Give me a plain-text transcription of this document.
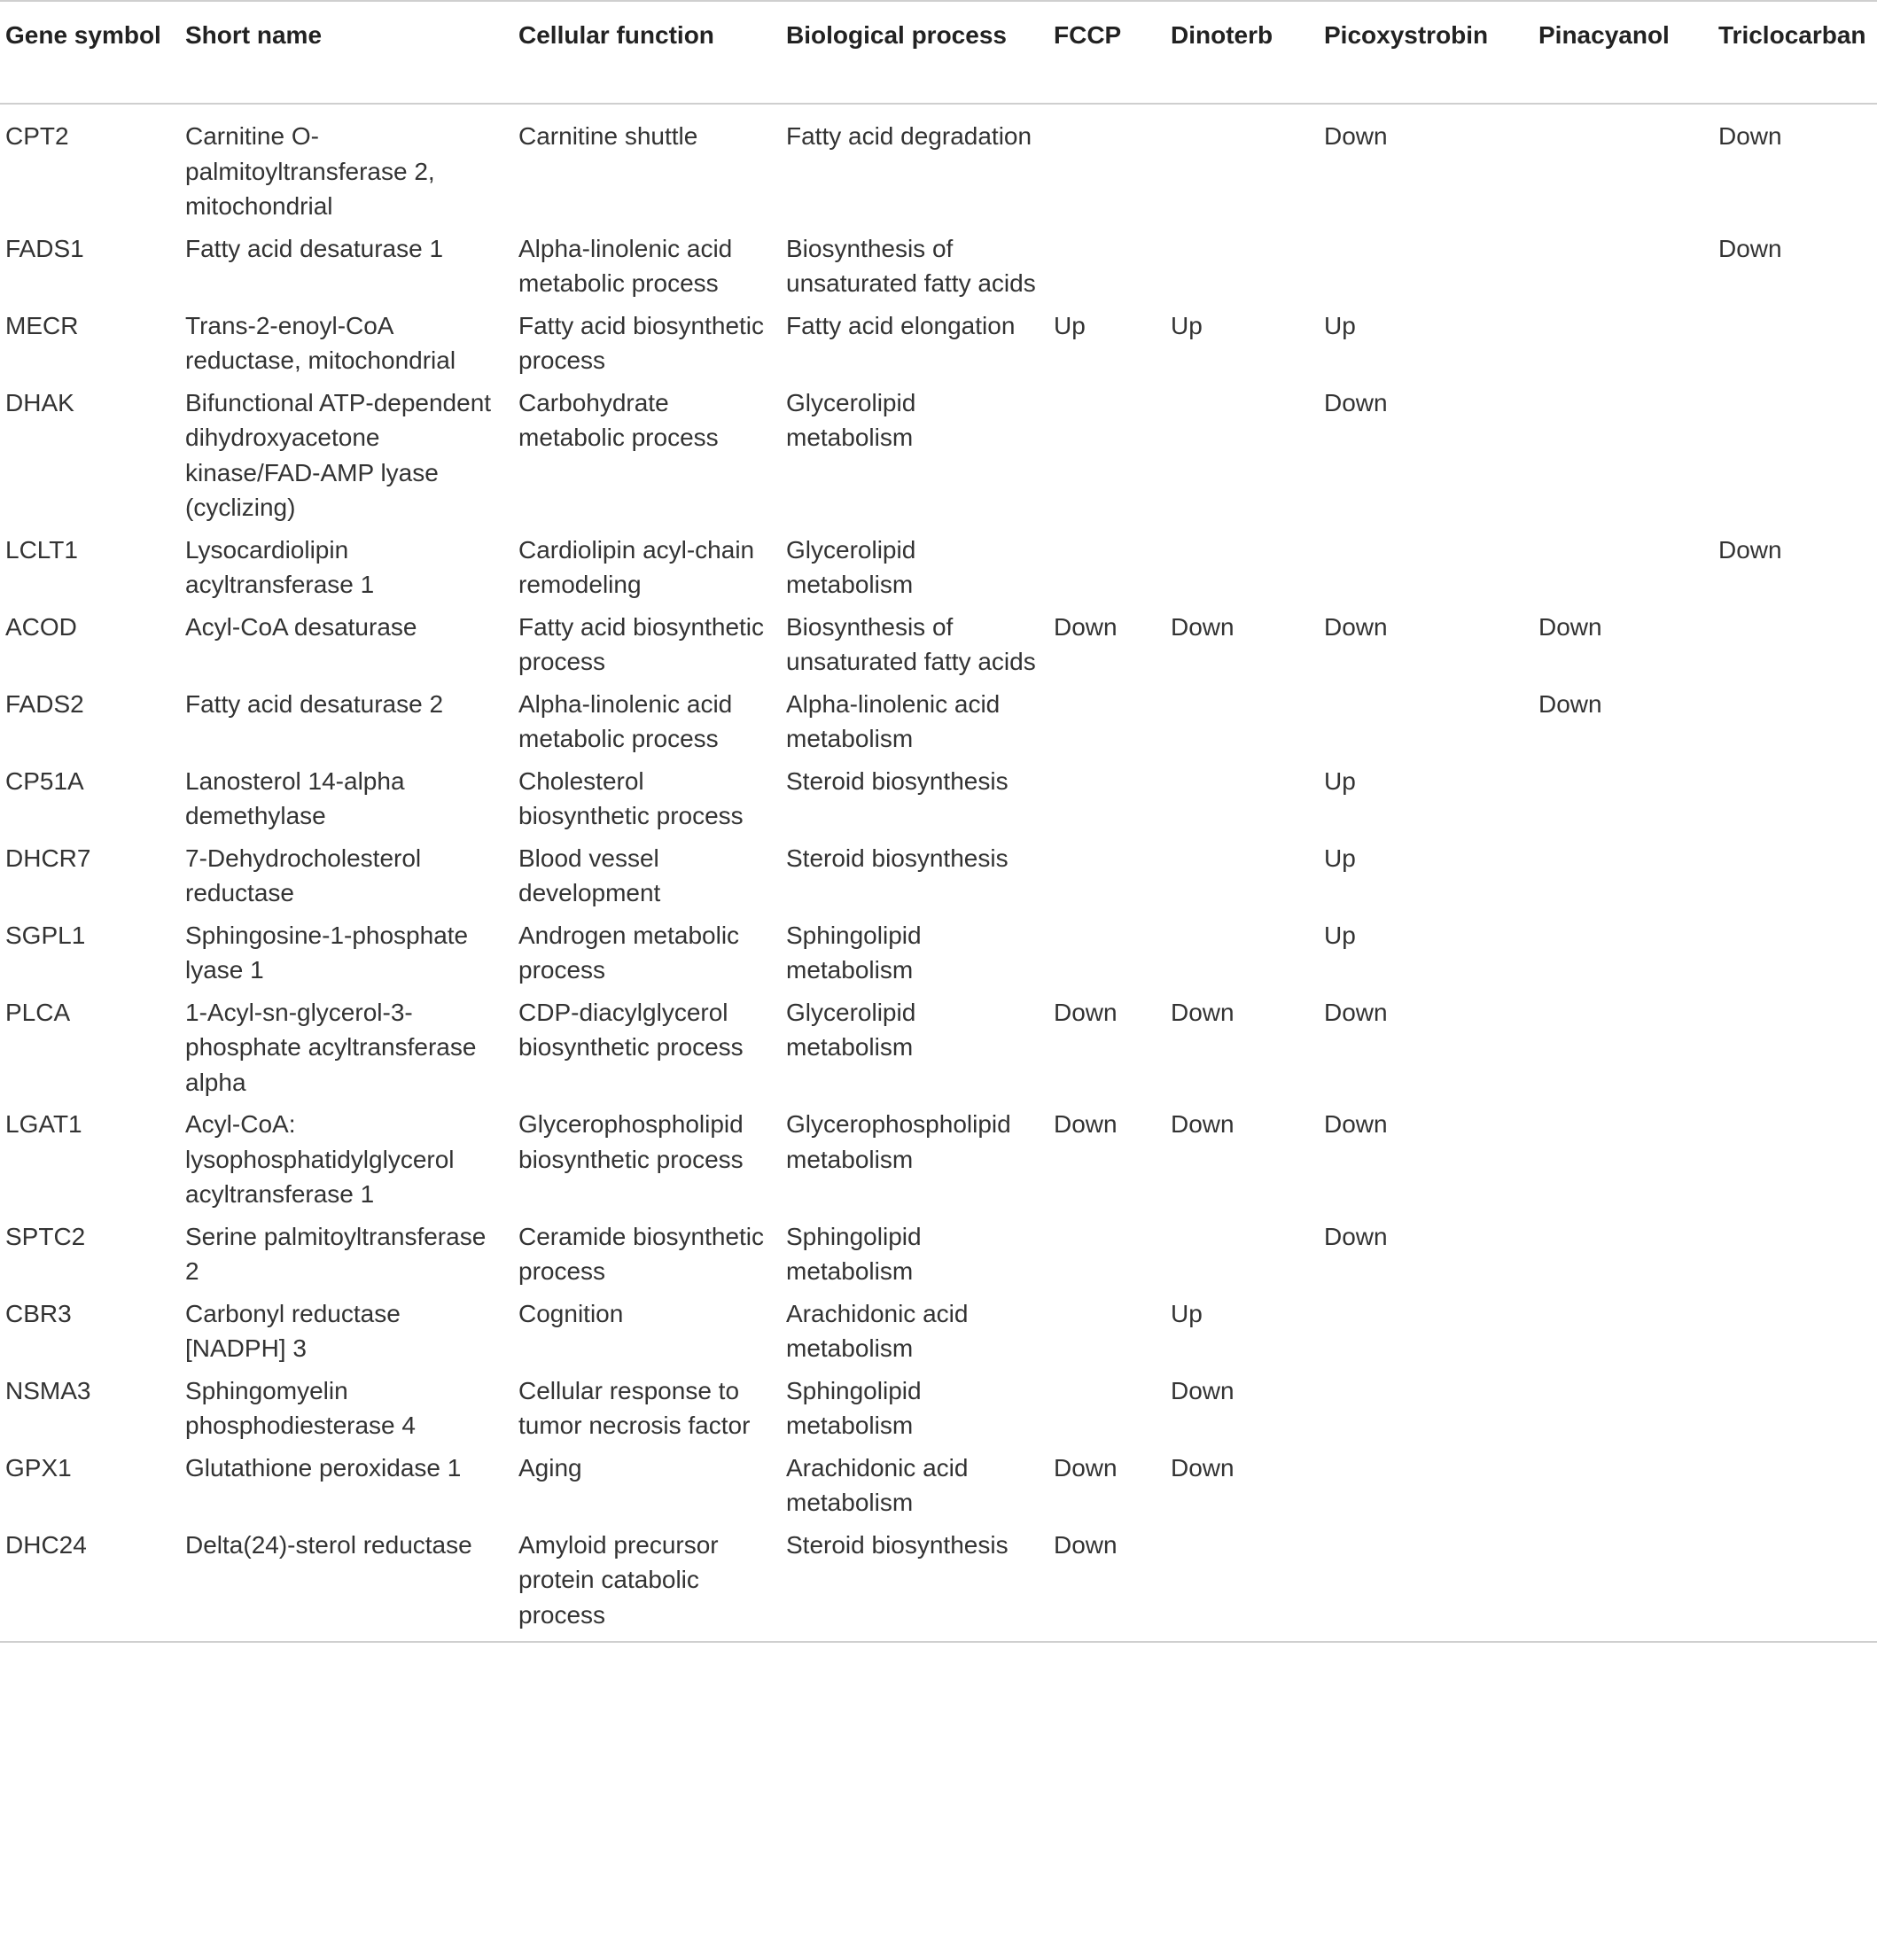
Gene symbol	Short name	Cellular function	Biological process	FCCP	Dinoterb	Picoxystrobin	Pinacyanol	Triclocarban
CPT2	Carnitine O-palmitoyltransferase 2, mitochondrial	Carnitine shuttle	Fatty acid degradation			Down		Down
FADS1	Fatty acid desaturase 1	Alpha-linolenic acid metabolic process	Biosynthesis of unsaturated fatty acids					Down
MECR	Trans-2-enoyl-CoA reductase, mitochondrial	Fatty acid biosynthetic process	Fatty acid elongation	Up	Up	Up		
DHAK	Bifunctional ATP-dependent dihydroxyacetone kinase/FAD-AMP lyase (cyclizing)	Carbohydrate metabolic process	Glycerolipid metabolism			Down		
LCLT1	Lysocardiolipin acyltransferase 1	Cardiolipin acyl-chain remodeling	Glycerolipid metabolism					Down
ACOD	Acyl-CoA desaturase	Fatty acid biosynthetic process	Biosynthesis of unsaturated fatty acids	Down	Down	Down	Down	
FADS2	Fatty acid desaturase 2	Alpha-linolenic acid metabolic process	Alpha-linolenic acid metabolism				Down	
CP51A	Lanosterol 14-alpha demethylase	Cholesterol biosynthetic process	Steroid biosynthesis			Up		
DHCR7	7-Dehydrocholesterol reductase	Blood vessel development	Steroid biosynthesis			Up		
SGPL1	Sphingosine-1-phosphate lyase 1	Androgen metabolic process	Sphingolipid metabolism			Up		
PLCA	1-Acyl-sn-glycerol-3-phosphate acyltransferase alpha	CDP-diacylglycerol biosynthetic process	Glycerolipid metabolism	Down	Down	Down		
LGAT1	Acyl-CoA: lysophosphatidylglycerol acyltransferase 1	Glycerophospholipid biosynthetic process	Glycerophospholipid metabolism	Down	Down	Down		
SPTC2	Serine palmitoyltransferase 2	Ceramide biosynthetic process	Sphingolipid metabolism			Down		
CBR3	Carbonyl reductase [NADPH] 3	Cognition	Arachidonic acid metabolism		Up			
NSMA3	Sphingomyelin phosphodiesterase 4	Cellular response to tumor necrosis factor	Sphingolipid metabolism		Down			
GPX1	Glutathione peroxidase 1	Aging	Arachidonic acid metabolism	Down	Down			
DHC24	Delta(24)-sterol reductase	Amyloid precursor protein catabolic process	Steroid biosynthesis	Down				
